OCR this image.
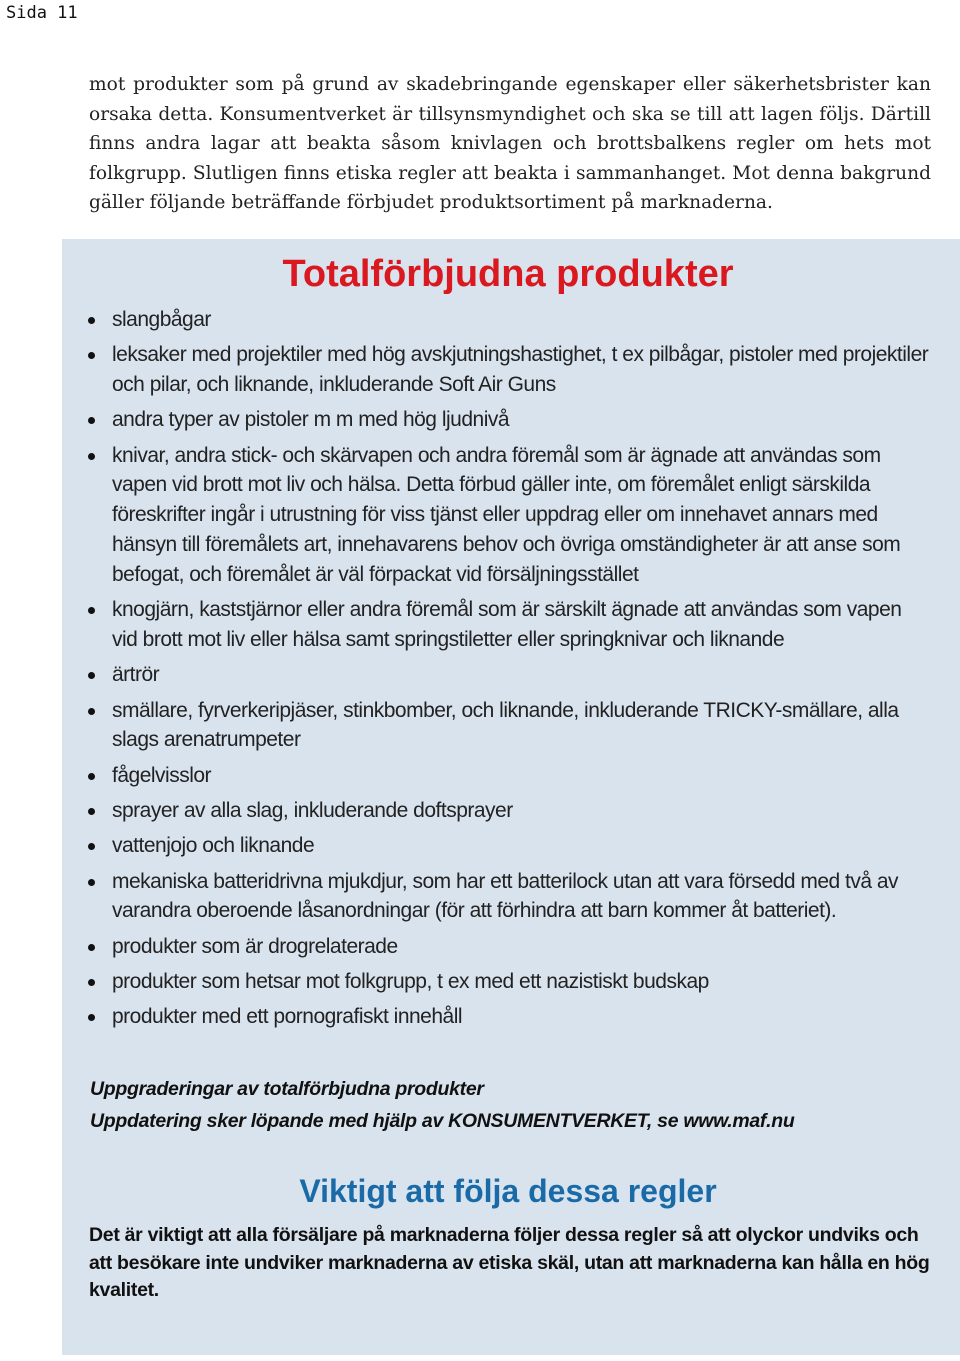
Sida 11

mot produkter som på grund av skadebringande egenskaper eller säkerhetsbrister kan orsaka detta. Konsumentverket är tillsynsmyndighet och ska se till att lagen följs. Därtill finns andra lagar att beakta såsom knivlagen och brottsbalkens regler om hets mot folkgrupp. Slutligen finns etiska regler att beakta i sammanhanget. Mot denna bakgrund gäller följande beträffande förbjudet produktsortiment på marknaderna.

Totalförbjudna produkter
slangbågar
leksaker med projektiler med hög avskjutningshastighet, t ex pilbågar, pistoler med projektiler och pilar, och liknande, inkluderande Soft Air Guns
andra typer av pistoler m m med hög ljudnivå
knivar, andra stick- och skärvapen och andra föremål som är ägnade att användas som vapen vid brott mot liv och hälsa. Detta förbud gäller inte, om föremålet enligt särskilda föreskrifter ingår i utrustning för viss tjänst eller uppdrag eller om innehavet annars med hänsyn till föremålets art, innehavarens behov och övriga omständigheter är att anse som befogat, och föremålet är väl förpackat vid försäljningsstället
knogjärn, kaststjärnor eller andra föremål som är särskilt ägnade att användas som vapen vid brott mot liv eller hälsa samt springstiletter eller springknivar och liknande
ärtrör
smällare, fyrverkeripjäser, stinkbomber, och liknande, inkluderande TRICKY-smällare, alla slags arenatrumpeter
fågelvisslor
sprayer av alla slag, inkluderande doftsprayer
vattenjojo och liknande
mekaniska batteridrivna mjukdjur, som har ett batterilock utan att vara försedd med två av varandra oberoende låsanordningar (för att förhindra att barn kommer åt batteriet).
produkter som är drogrelaterade
produkter som hetsar mot folkgrupp, t ex med ett nazistiskt budskap
produkter med ett pornografiskt innehåll

Uppgraderingar av totalförbjudna produkter

Uppdatering sker löpande med hjälp av KONSUMENTVERKET, se www.maf.nu

Viktigt att följa dessa regler

Det är viktigt att alla försäljare på marknaderna följer dessa regler så att olyckor undviks och att besökare inte undviker marknaderna av etiska skäl, utan att marknaderna kan hålla en hög kvalitet.
